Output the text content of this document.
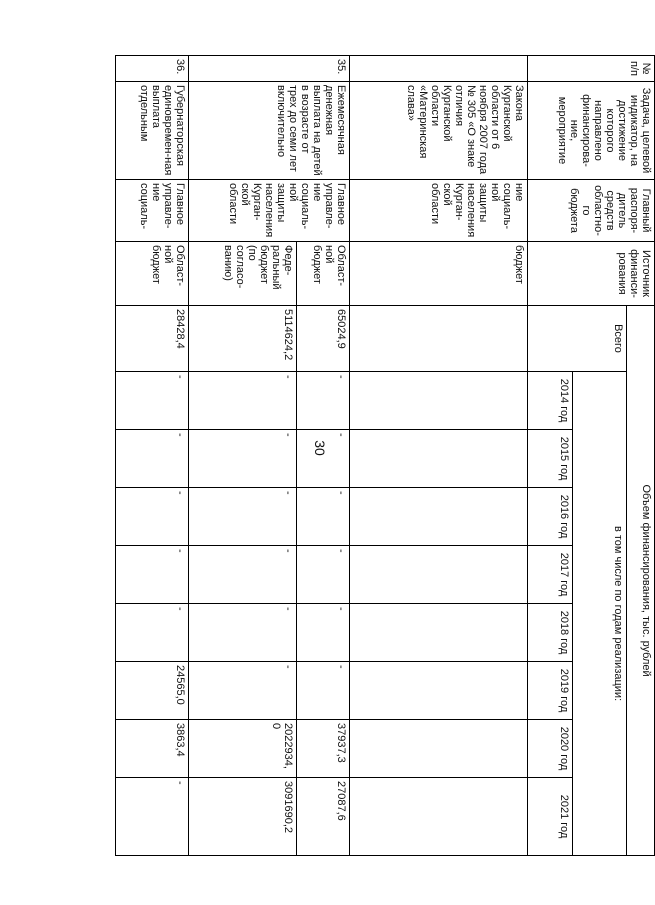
30
№ п/п	Задача, целевой индикатор, на достижение которого направлено финансирова-ние, мероприятие	Главный распоря-дитель средств областно-го бюджета	Источник финанси-рования	Объем финансирования, тыс. рублей								
				Всего	в том числе по годам реализации:							
					2014 год	2015 год	2016 год	2017 год	2018 год	2019 год	2020 год	2021 год
	Закона Курганской области от 6 ноября 2007 года № 305 «О знаке отличия Курганской области «Материнская слава»	ние социаль-ной защиты населения Курган-ской области	бюджет									
35.	Ежемесячная денежная выплата на детей в возрасте от трех до семи лет включительно	Главное управле-ние социаль-ной защиты населения Курган-ской области	Област-ной бюджет	65024,9	-	-	-	-	-	-	37937,3	27087,6
			Феде-ральный бюджет (по согласо-ванию)	5114624,2	-	-	-	-	-	-	2022934,0	3091690,2
36.	Губернаторская единовремен-ная выплата отдельным	Главное управле-ние социаль-	Област-ной бюджет	28428,4	-	-	-	-	-	24565,0	3863,4	-
